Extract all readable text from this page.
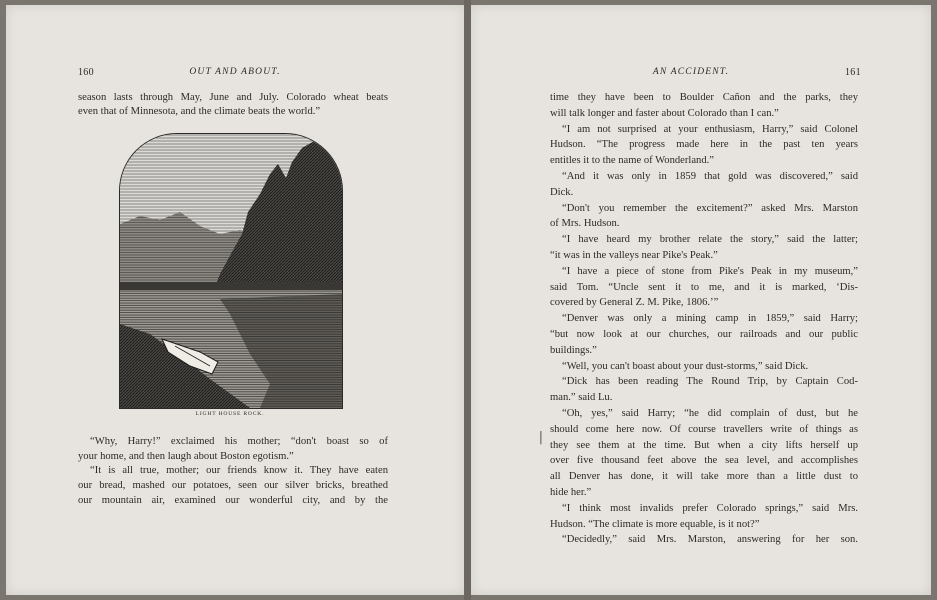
160	OUT AND ABOUT.
season lasts through May, June and July. Colorado wheat beats
even that of Minnesota, and the climate beats the world.”
LIGHT HOUSE ROCK.
“Why, Harry!” exclaimed his mother; “don't boast so of
your home, and then laugh about Boston egotism.”
“It is all true, mother; our friends know it. They have eaten
our bread, mashed our potatoes, seen our silver bricks, breathed
our mountain air, examined our wonderful city, and by the
AN ACCIDENT.	161
time they have been to Boulder Cañon and the parks, they
will talk longer and faster about Colorado than I can.”
“I am not surprised at your enthusiasm, Harry,” said Colonel
Hudson. “The progress made here in the past ten years
entitles it to the name of Wonderland.”
“And it was only in 1859 that gold was discovered,” said
Dick.
“Don't you remember the excitement?” asked Mrs. Marston
of Mrs. Hudson.
“I have heard my brother relate the story,” said the latter;
“it was in the valleys near Pike's Peak.”
“I have a piece of stone from Pike's Peak in my museum,”
said Tom. “Uncle sent it to me, and it is marked, ‘Dis-
covered by General Z. M. Pike, 1806.’”
“Denver was only a mining camp in 1859,” said Harry;
“but now look at our churches, our railroads and our public
buildings.”
“Well, you can't boast about your dust-storms,” said Dick.
“Dick has been reading The Round Trip, by Captain Cod-
man.” said Lu.
“Oh, yes,” said Harry; “he did complain of dust, but he
should come here now. Of course travellers write of things as
they see them at the time. But when a city lifts herself up
over five thousand feet above the sea level, and accomplishes
all Denver has done, it will take more than a little dust to
hide her.”
“I think most invalids prefer Colorado springs,” said Mrs.
Hudson. “The climate is more equable, is it not?”
“Decidedly,” said Mrs. Marston, answering for her son.
│
